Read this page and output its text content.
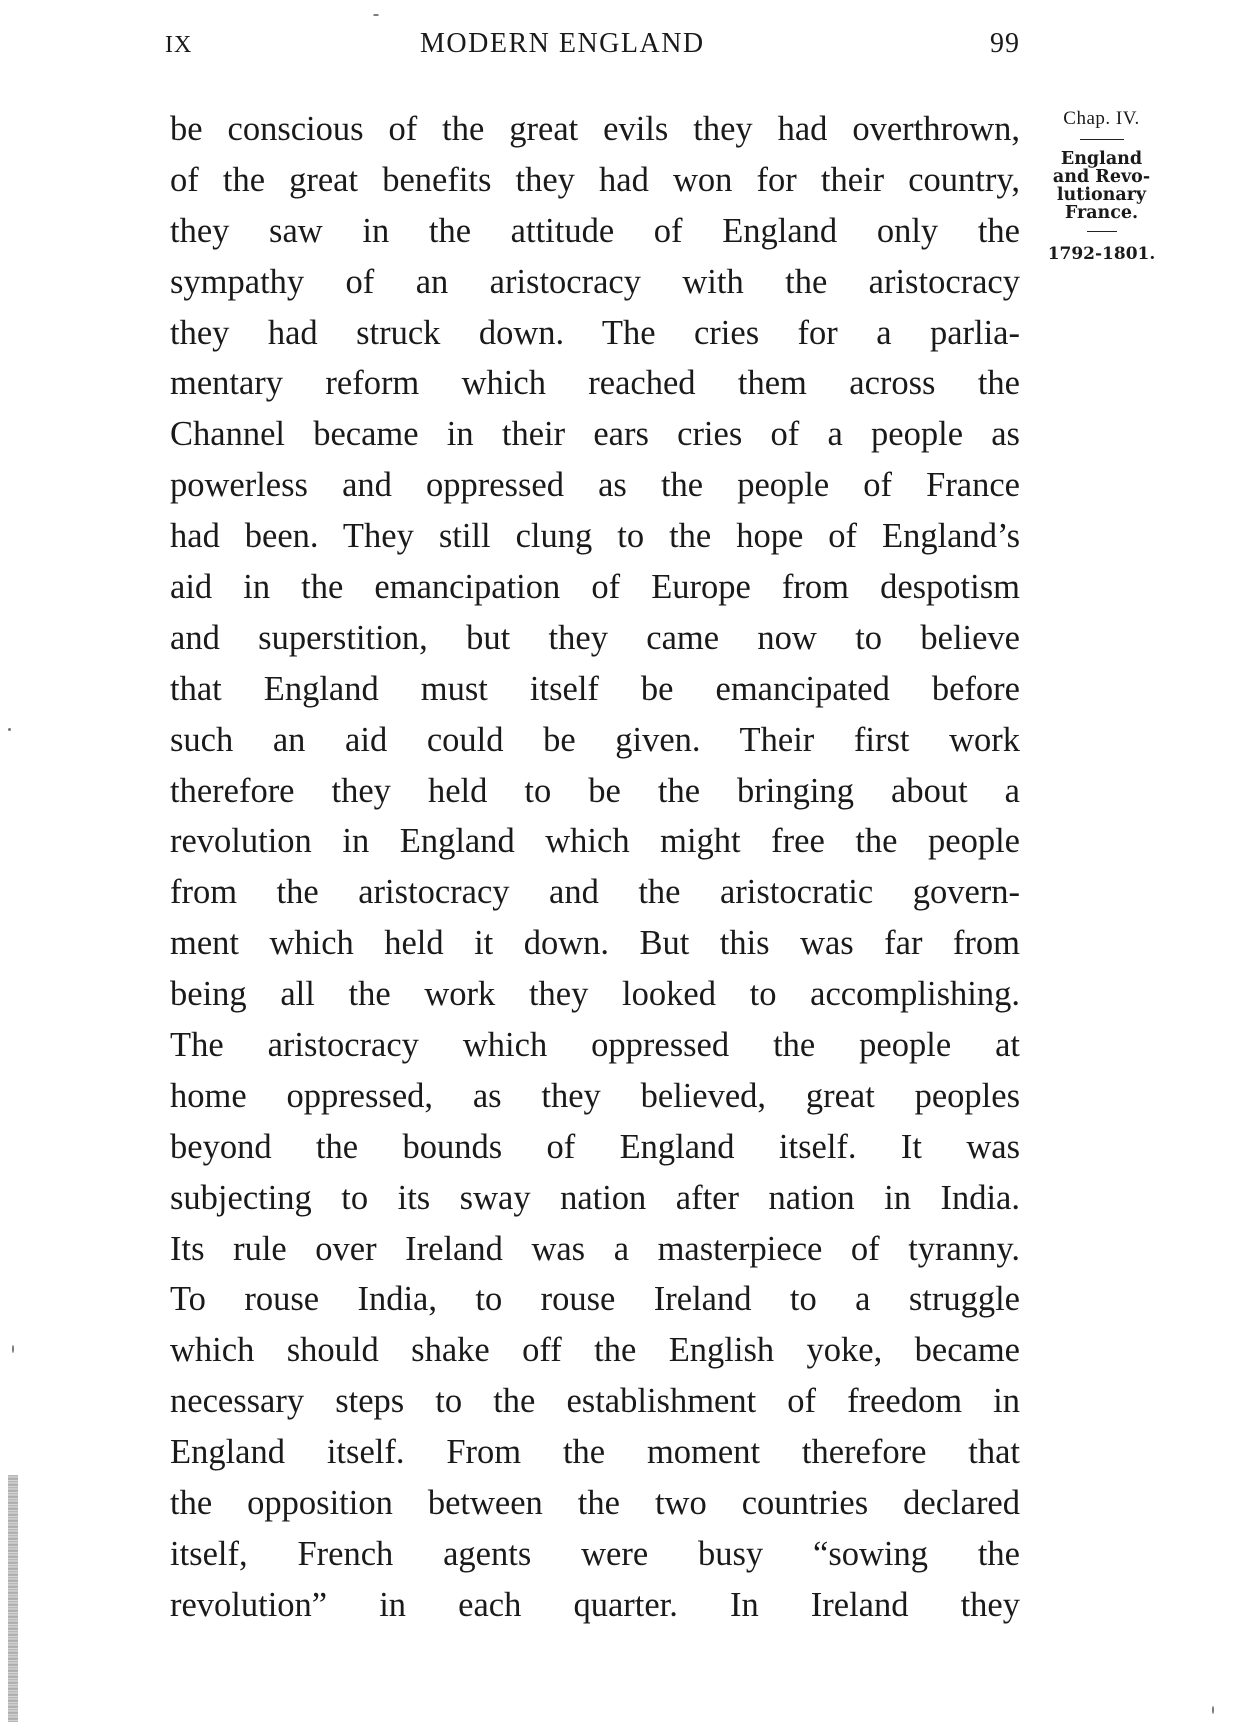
IX	MODERN ENGLAND	99
be conscious of the great evils they had overthrown,
of the great benefits they had won for their country,
they saw in the attitude of England only the
sympathy of an aristocracy with the aristocracy
they had struck down. The cries for a parlia-
mentary reform which reached them across the
Channel became in their ears cries of a people as
powerless and oppressed as the people of France
had been. They still clung to the hope of England’s
aid in the emancipation of Europe from despotism
and superstition, but they came now to believe
that England must itself be emancipated before
such an aid could be given. Their first work
therefore they held to be the bringing about a
revolution in England which might free the people
from the aristocracy and the aristocratic govern-
ment which held it down. But this was far from
being all the work they looked to accomplishing.
The aristocracy which oppressed the people at
home oppressed, as they believed, great peoples
beyond the bounds of England itself. It was
subjecting to its sway nation after nation in India.
Its rule over Ireland was a masterpiece of tyranny.
To rouse India, to rouse Ireland to a struggle
which should shake off the English yoke, became
necessary steps to the establishment of freedom in
England itself. From the moment therefore that
the opposition between the two countries declared
itself, French agents were busy “sowing the
revolution” in each quarter. In Ireland they
Chap. IV.
England
and Revo-
lutionary
France.
1792-1801.
